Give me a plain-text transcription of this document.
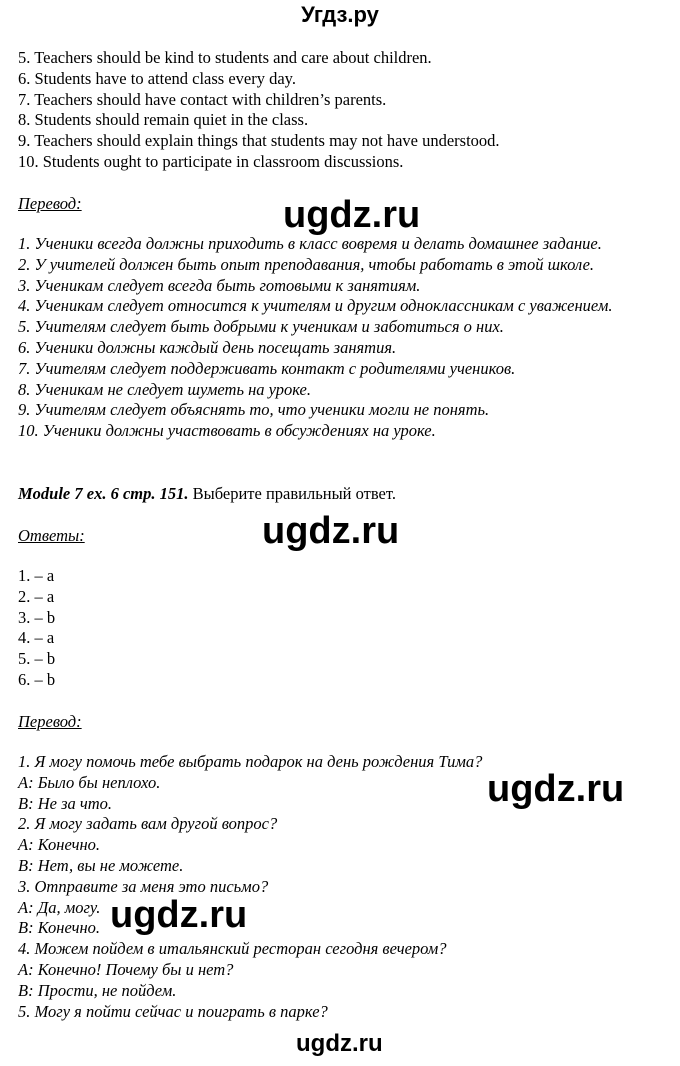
Угдз.ру
5. Teachers should be kind to students and care about children.
6. Students have to attend class every day.
7. Teachers should have contact with children’s parents.
8. Students should remain quiet in the class.
9. Teachers should explain things that students may not have understood.
10. Students ought to participate in classroom discussions.
Перевод:
1. Ученики всегда должны приходить в класс вовремя и делать домашнее задание.
2. У учителей должен быть опыт преподавания, чтобы работать в этой школе.
3. Ученикам следует всегда быть готовыми к занятиям.
4. Ученикам следует относится к учителям и другим одноклассникам с уважением.
5. Учителям следует быть добрыми к ученикам и заботиться о них.
6. Ученики должны каждый день посещать занятия.
7. Учителям следует поддерживать контакт с родителями учеников.
8. Ученикам не следует шуметь на уроке.
9. Учителям следует объяснять то, что ученики могли не понять.
10. Ученики должны участвовать в обсуждениях на уроке.
Module 7 ex. 6 стр. 151. Выберите правильный ответ.
Ответы:
1. – a
2. – a
3. – b
4. – a
5. – b
6. – b
Перевод:
1. Я могу помочь тебе выбрать подарок на день рождения Тима?
A: Было бы неплохо.
B: Не за что.
2. Я могу задать вам другой вопрос?
A: Конечно.
B: Нет, вы не можете.
3. Отправите за меня это письмо?
A: Да, могу.
B: Конечно.
4. Можем пойдем в итальянский ресторан сегодня вечером?
A: Конечно! Почему бы и нет?
B: Прости, не пойдем.
5. Могу я пойти сейчас и поиграть в парке?
ugdz.ru
ugdz.ru
ugdz.ru
ugdz.ru
ugdz.ru
